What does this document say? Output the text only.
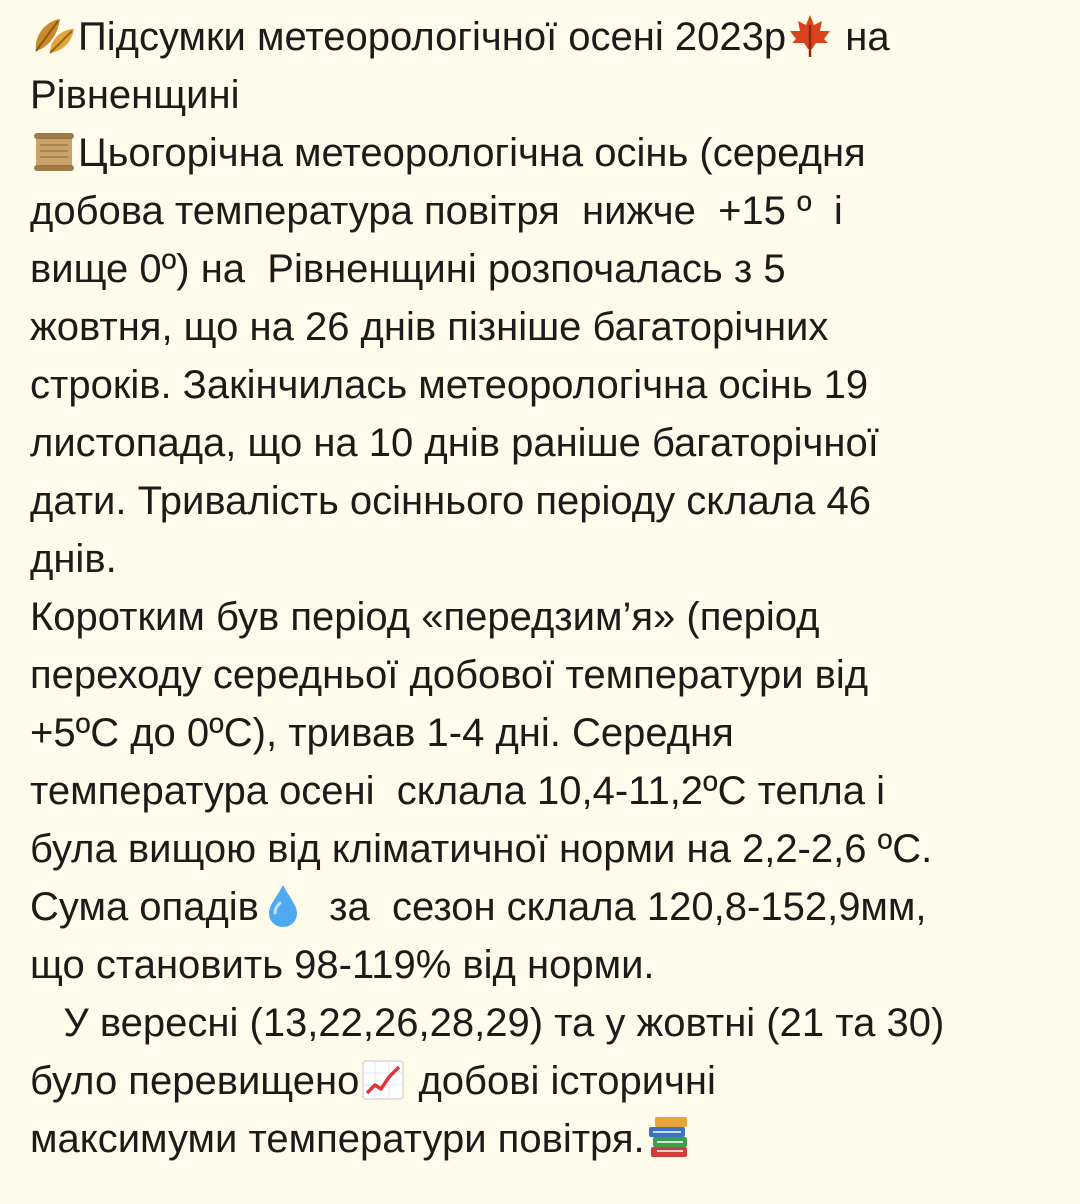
Підсумки метеорологічної осені 2023р
на
Рівненщині
Цьогорічна метеорологічна осінь (середня
добова температура повітря  нижче  +15 º  і
вище 0º) на  Рівненщині розпочалась з 5
жовтня, що на 26 днів пізніше багаторічних
строків. Закінчилась метеорологічна осінь 19
листопада, що на 10 днів раніше багаторічної
дати. Тривалість осіннього періоду склала 46
днів.
Коротким був період «передзим’я» (період
переходу середньої добової температури від
+5ºС до 0ºС), тривав 1-4 дні. Середня
температура осені  склала 10,4-11,2ºС тепла і
була вищою від кліматичної норми на 2,2-2,6 ºС.
Сума опадів
за  сезон склала 120,8-152,9мм,
що становить 98-119% від норми.
У вересні (13,22,26,28,29) та у жовтні (21 та 30)
було перевищено
добові історичні
максимуми температури повітря.
